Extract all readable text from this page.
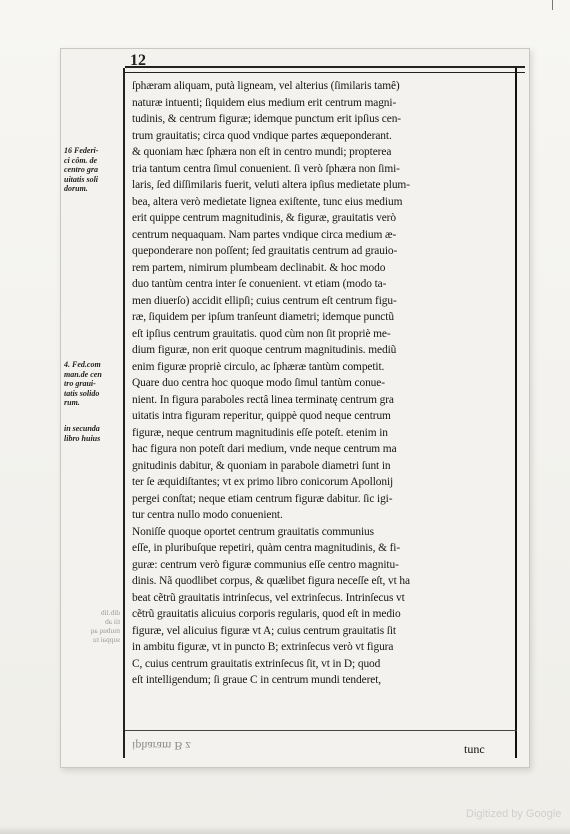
12
16 Federi-
ci côm. de
centro gra
uitatis soli
dorum.
4. Fed.com
man.de cen
tro graui-
tatis solido
rum.
in secunda
libro huius
dib.lib
tii ab
mubuq aq
suppai tu
ſphæram aliquam, putà ligneam, vel alterius (ſimilaris tamê)
naturæ intuenti; ſiquidem eius medium erit centrum magni-
tudinis, & centrum figuræ; idemque punctum erit ipſius cen-
trum grauitatis; circa quod vndique partes æqueponderant.
& quoniam hæc ſphæra non eſt in centro mundi; propterea
tria tantum centra ſimul conuenient. ſi verò ſphæra non ſimi-
laris, ſed diſſimilaris fuerit, veluti altera ipſius medietate plum-
bea, altera verò medietate lignea exiſtente, tunc eius medium
erit quippe centrum magnitudinis, & figuræ, grauitatis verò
centrum nequaquam. Nam partes vndique circa medium æ-
queponderare non poſſent; ſed grauitatis centrum ad grauio-
rem partem, nimirum plumbeam declinabit. & hoc modo
duo tantùm centra inter ſe conuenient. vt etiam (modo ta-
men diuerſo) accidit ellipſi; cuius centrum eſt centrum figu-
ræ, ſiquidem per ipſum tranſeunt diametri; idemque punctũ
eſt ipſius centrum grauitatis. quod cùm non ſit propriè me-
dium figuræ, non erit quoque centrum magnitudinis. mediũ
enim figuræ propriè circulo, ac ſphæræ tantùm competit.
Quare duo centra hoc quoque modo ſimul tantùm conue-
nient. In figura paraboles rectâ linea terminatę centrum gra
uitatis intra figuram reperitur, quippè quod neque centrum
figuræ, neque centrum magnitudinis eſſe poteſt. etenim in
hac figura non poteſt dari medium, vnde neque centrum ma
gnitudinis dabitur, & quoniam in parabole diametri ſunt in
ter ſe æquidiſtantes; vt ex primo libro conicorum Apollonij
pergei conſtat; neque etiam centrum figuræ dabitur. ſic igi-
tur centra nullo modo conuenient.
Noniſſe quoque oportet centrum grauitatis communius
eſſe, in pluribuſque repetiri, quàm centra magnitudinis, & fi-
guræ: centrum verò figuræ communius eſſe centro magnitu-
dinis. Nã quodlibet corpus, & quælibet figura neceſſe eſt, vt ha
beat cẽtrũ grauitatis intrinſecus, vel extrinſecus. Intrinſecus vt
cẽtrũ grauitatis alicuius corporis regularis, quod eſt in medio
figuræ, vel alicuius figuræ vt A; cuius centrum grauitatis ſit
in ambitu figuræ, vt in puncto B; extrinſecus verò vt figura
C, cuius centrum grauitatis extrinſecus ſit, vt in D; quod
eſt intelligendum; ſi graue C in centrum mundi tenderet,
ipharam B z	tunc
Digitized by Google
